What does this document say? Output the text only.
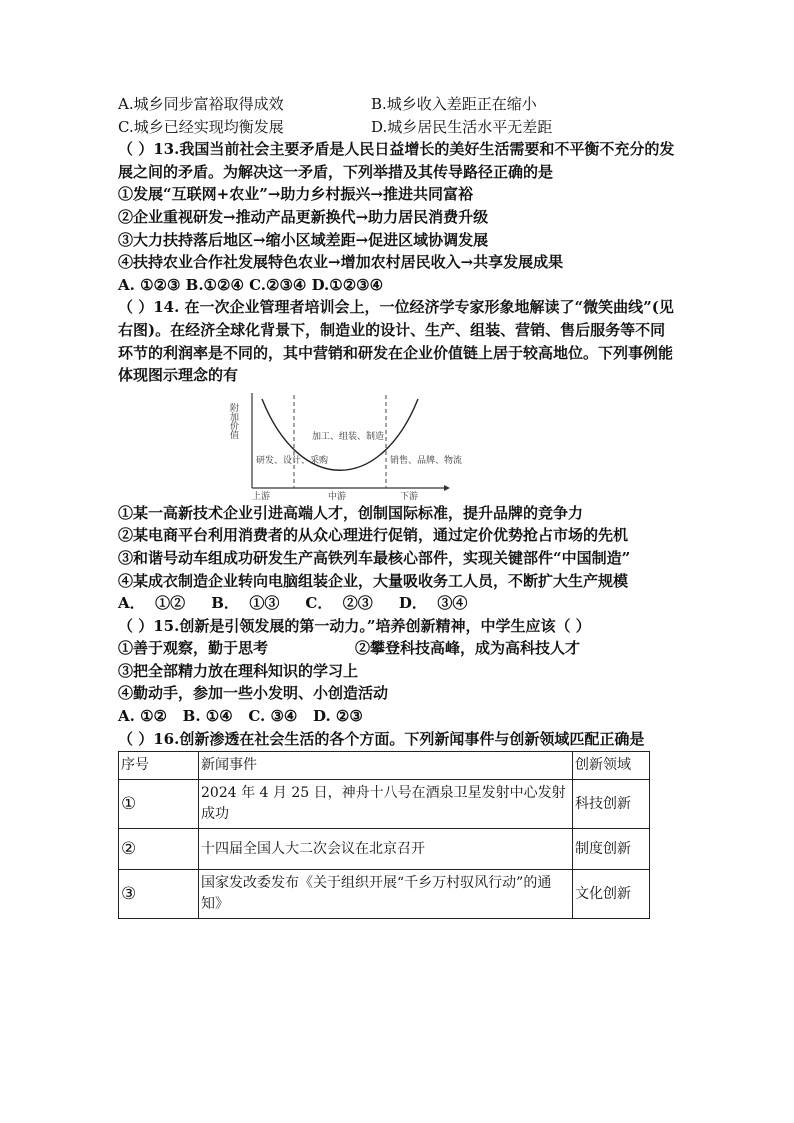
A.城乡同步富裕取得成效	B.城乡收入差距正在缩小
C.城乡已经实现均衡发展	D.城乡居民生活水平无差距
（ ）13.我国当前社会主要矛盾是人民日益增长的美好生活需要和不平衡不充分的发展之间的矛盾。为解决这一矛盾，下列举措及其传导路径正确的是
①发展“互联网+农业”→助力乡村振兴→推进共同富裕
②企业重视研发→推动产品更新换代→助力居民消费升级
③大力扶持落后地区→缩小区域差距→促进区域协调发展
④扶持农业合作社发展特色农业→增加农村居民收入→共享发展成果
A. ①②③ B.①②④ C.②③④ D.①②③④
（ ）14. 在一次企业管理者培训会上，一位经济学专家形象地解读了“微笑曲线”(见右图)。在经济全球化背景下，制造业的设计、生产、组装、营销、售后服务等不同环节的利润率是不同的，其中营销和研发在企业价值链上居于较高地位。下列事例能体现图示理念的有
附加价值	加工、组装、制造
研发、设计、采购	销售、品牌、物流
上游	中游	下游
①某一高新技术企业引进高端人才，创制国际标准，提升品牌的竞争力
②某电商平台利用消费者的从众心理进行促销，通过定价优势抢占市场的先机
③和谐号动车组成功研发生产高铁列车最核心部件，实现关键部件“中国制造”
④某成衣制造企业转向电脑组装企业，大量吸收务工人员，不断扩大生产规模
A．  ①②     B．  ①③     C．  ②③     D．  ③④
（ ）15.创新是引领发展的第一动力。”培养创新精神，中学生应该（ ）
①善于观察，勤于思考	②攀登科技高峰，成为高科技人才
③把全部精力放在理科知识的学习上
④勤动手，参加一些小发明、小创造活动
A. ①②   B. ①④   C. ③④   D. ②③
（ ）16.创新渗透在社会生活的各个方面。下列新闻事件与创新领域匹配正确是
序号	新闻事件	创新领域
①	2024 年 4 月 25 日，神舟十八号在酒泉卫星发射中心发射成功	科技创新
②	十四届全国人大二次会议在北京召开	制度创新
③	国家发改委发布《关于组织开展“千乡万村驭风行动”的通知》	文化创新
